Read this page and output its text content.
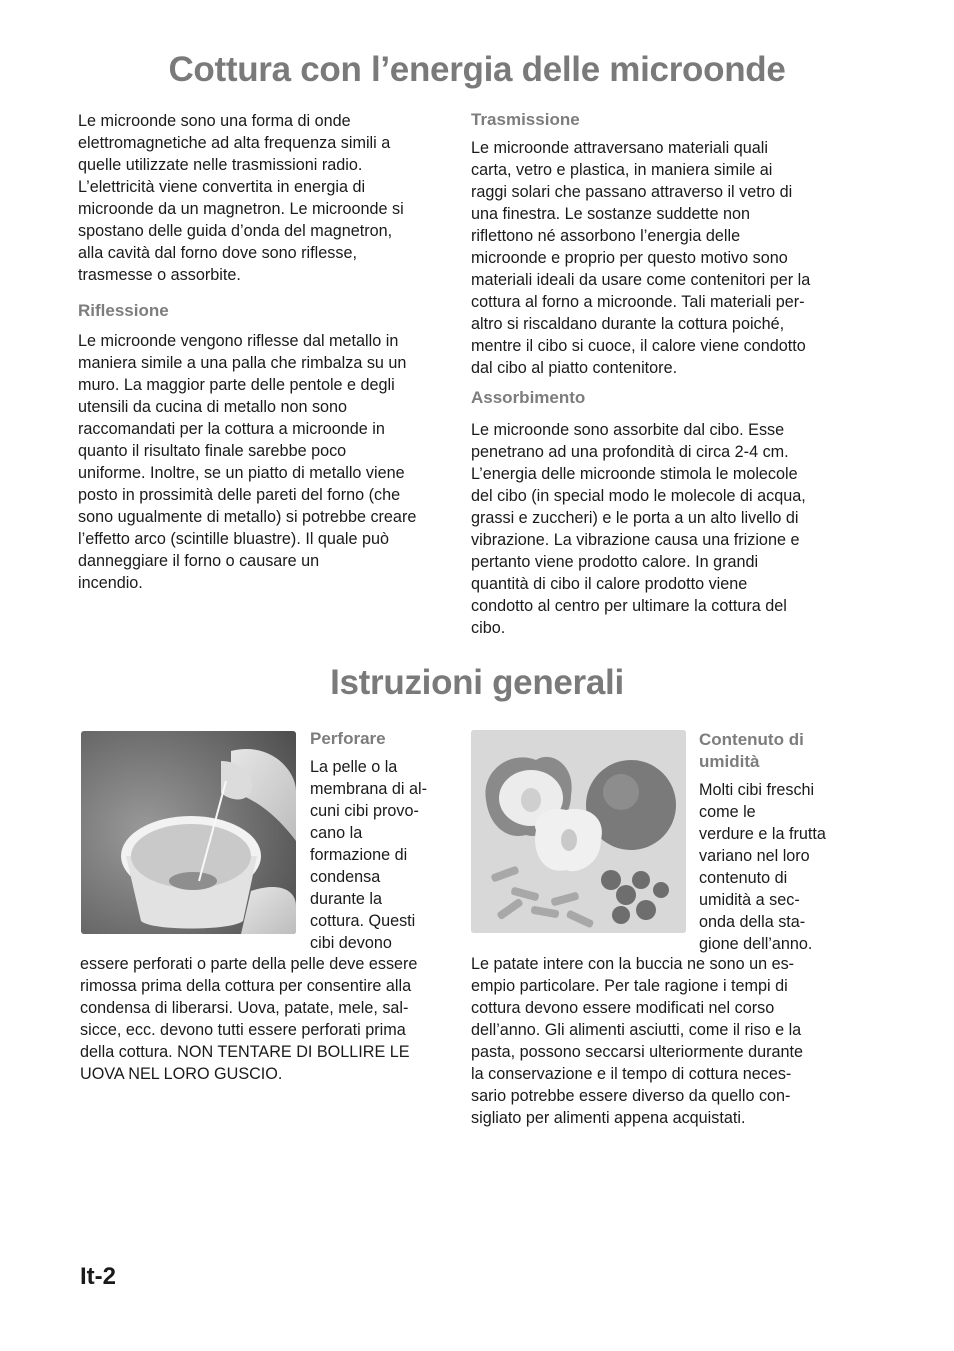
Cottura con l’energia delle microonde

Le microonde sono una forma di onde
elettromagnetiche ad alta frequenza simili a
quelle utilizzate nelle trasmissioni radio.
L’elettricità viene convertita in energia di
microonde da un magnetron. Le microonde si
spostano delle guida d’onda del magnetron,
alla cavità dal forno dove sono riflesse,
trasmesse o assorbite.

Riflessione

Le microonde vengono riflesse dal metallo in
maniera simile a una palla che rimbalza su un
muro. La maggior parte delle pentole e degli
utensili da cucina di metallo non sono
raccomandati per la cottura a microonde in
quanto il risultato finale sarebbe poco
uniforme. Inoltre, se un piatto di metallo viene
posto in prossimità delle pareti del forno (che
sono ugualmente di metallo) si potrebbe creare
l’effetto arco (scintille bluastre). Il quale può
danneggiare il forno o causare un
incendio.

Trasmissione

Le microonde attraversano materiali quali
carta, vetro e plastica, in maniera simile ai
raggi solari che passano attraverso il vetro di
una finestra. Le sostanze suddette non
riflettono né assorbono l’energia delle
microonde e proprio per questo motivo sono
materiali ideali da usare come contenitori per la
cottura al forno a microonde. Tali materiali per-
altro si riscaldano durante la cottura poiché,
mentre il cibo si cuoce, il calore viene condotto
dal cibo al piatto contenitore.

Assorbimento

Le microonde sono assorbite dal cibo. Esse
penetrano ad una profondità di circa 2-4 cm.
L’energia delle microonde stimola le molecole
del cibo (in special modo le molecole di acqua,
grassi e zuccheri) e le porta a un alto livello di
vibrazione. La vibrazione causa una frizione e
pertanto viene prodotto calore. In grandi
quantità di cibo il calore prodotto viene
condotto al centro per ultimare la cottura del
cibo.

Istruzioni generali

Perforare

La pelle o la
membrana di al-
cuni cibi provo-
cano la
formazione di
condensa
durante la
cottura. Questi
cibi devono

essere perforati o parte della pelle deve essere
rimossa prima della cottura per consentire alla
condensa di liberarsi. Uova, patate, mele, sal-
sicce, ecc. devono tutti essere perforati prima
della cottura. NON TENTARE DI BOLLIRE LE
UOVA NEL LORO GUSCIO.

Contenuto di
umidità

Molti cibi freschi
come le
verdure e la frutta
variano nel loro
contenuto di
umidità a sec-
onda della sta-
gione dell’anno.

Le patate intere con la buccia ne sono un es-
empio particolare. Per tale ragione i tempi di
cottura devono essere modificati nel corso
dell’anno. Gli alimenti asciutti, come il riso e la
pasta, possono seccarsi ulteriormente durante
la conservazione e il tempo di cottura neces-
sario potrebbe essere diverso da quello con-
sigliato per alimenti appena acquistati.

It-2
